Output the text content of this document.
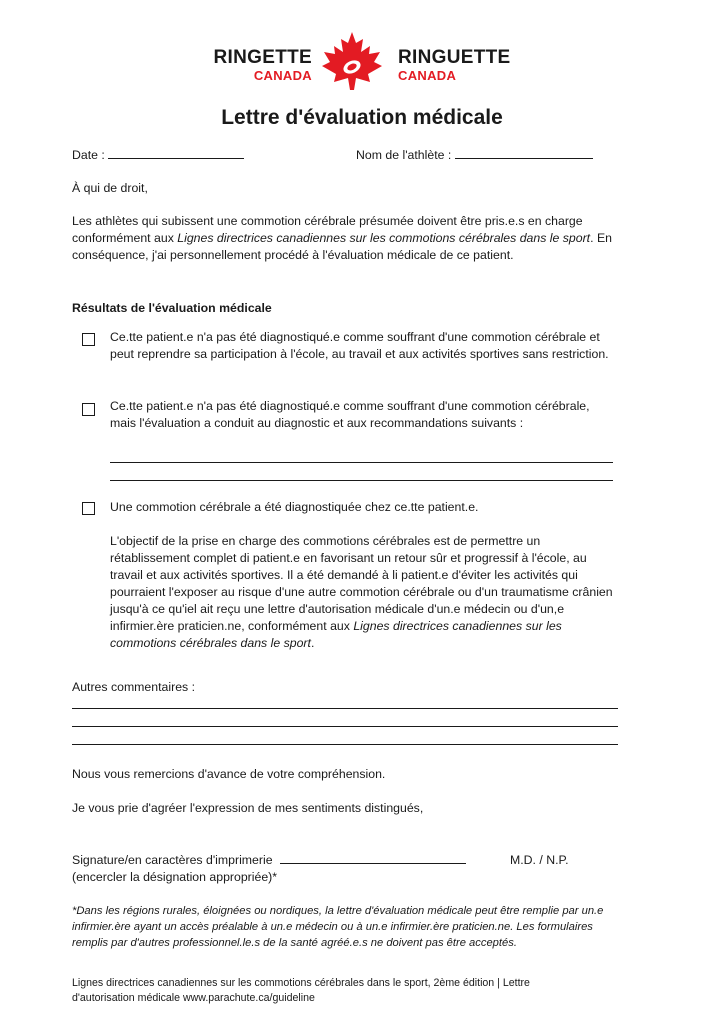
RINGETTE
CANADA
RINGUETTE
CANADA
Lettre d'évaluation médicale
Date :	Nom de l'athlète :
À qui de droit,
Les athlètes qui subissent une commotion cérébrale présumée doivent être pris.e.s en charge conformément aux Lignes directrices canadiennes sur les commotions cérébrales dans le sport. En conséquence, j'ai personnellement procédé à l'évaluation médicale de ce patient.
Résultats de l'évaluation médicale
Ce.tte patient.e n'a pas été diagnostiqué.e comme souffrant d'une commotion cérébrale et peut reprendre sa participation à l'école, au travail et aux activités sportives sans restriction.
Ce.tte patient.e n'a pas été diagnostiqué.e comme souffrant d'une commotion cérébrale, mais l'évaluation a conduit au diagnostic et aux recommandations suivants :
Une commotion cérébrale a été diagnostiquée chez ce.tte patient.e.
L'objectif de la prise en charge des commotions cérébrales est de permettre un rétablissement complet di patient.e en favorisant un retour sûr et progressif à l'école, au travail et aux activités sportives. Il a été demandé à li patient.e d'éviter les activités qui pourraient l'exposer au risque d'une autre commotion cérébrale ou d'un traumatisme crânien jusqu'à ce qu'iel ait reçu une lettre d'autorisation médicale d'un.e médecin ou d'un,e infirmier.ère praticien.ne, conformément aux Lignes directrices canadiennes sur les commotions cérébrales dans le sport.
Autres commentaires :
Nous vous remercions d'avance de votre compréhension.
Je vous prie d'agréer l'expression de mes sentiments distingués,
Signature/en caractères d'imprimerie	M.D. / N.P.
(encercler la désignation appropriée)*
*Dans les régions rurales, éloignées ou nordiques, la lettre d'évaluation médicale peut être remplie par un.e infirmier.ère ayant un accès préalable à un.e médecin ou à un.e infirmier.ère praticien.ne. Les formulaires remplis par d'autres professionnel.le.s de la santé agréé.e.s ne doivent pas être acceptés.
Lignes directrices canadiennes sur les commotions cérébrales dans le sport, 2ème édition | Lettre d'autorisation médicale www.parachute.ca/guideline
